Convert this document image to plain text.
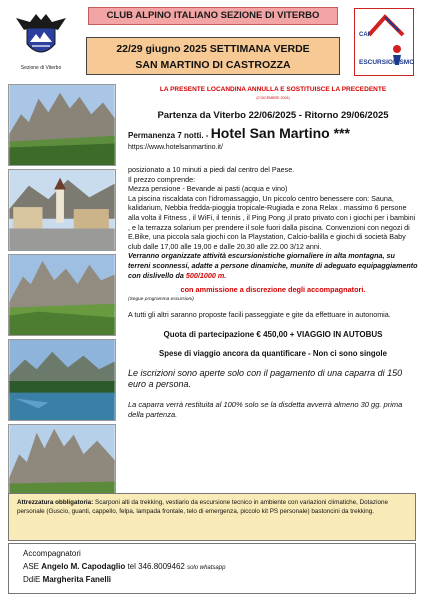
Sezione di Viterbo
CLUB ALPINO ITALIANO SEZIONE DI VITERBO
CAI
ESCURSIONISMO
22/29 giugno 2025 SETTIMANA VERDE
SAN MARTINO DI CASTROZZA
LA PRESENTE LOCANDINA ANNULLA E SOSTITUISCE LA PRECEDENTE
(2 DICEMBRE 2024)
Partenza da Viterbo 22/06/2025 - Ritorno 29/06/2025
Permanenza 7 notti. - Hotel San Martino ***
https://www.hotelsanmartino.it/
posizionato a 10 minuti a piedi dal centro del Paese.
Il prezzo comprende:
Mezza pensione - Bevande ai pasti (acqua e vino)
La piscina riscaldata con l'idromassaggio, Un piccolo centro benessere con: Sauna, kalidarium, Nebbia fredda-pioggia tropicale-Rugiada e zona Relax . massimo 6 persone alla volta il Fitness , il WiFi, il tennis , il Ping Pong ,il prato privato con i giochi per i bambini , e la terrazza solarium per prendere il sole fuori dalla piscina. Convenzioni con negozi di E.Bike, una piccola sala giochi con la Playstation, Calcio-balilla e giochi di società Baby club dalle 17,00 alle 19,00 e dalle 20.30 alle 22.00 3/12 anni.
Verranno organizzate attività escursionistiche giornaliere in alta montagna, su terreni sconnessi, adatte a persone dinamiche, munite di adeguato equipaggiamento con dislivello da 500/1000 m.
con ammissione a discrezione degli accompagnatori.
(Segue programma escursioni)
A tutti gli altri saranno proposte facili passeggiate e gite da effettuare in autonomia.
Quota di partecipazione € 450,00 + VIAGGIO IN AUTOBUS
Spese di viaggio ancora da quantificare - Non ci sono singole
Le iscrizioni sono aperte solo con il pagamento di una caparra di 150 euro a persona.
La caparra verrà restituita al 100% solo se la disdetta avverrà almeno 30 gg. prima della partenza.
Attrezzatura obbligatoria: Scarponi alti da trekking, vestiario da escursione tecnico in ambiente con variazioni climatiche, Dotazione personale (Guscio, guanti, cappello, felpa, lampada frontale, telo di emergenza, piccolo kit PS personale) bastoncini da trekking.
Accompagnatori
ASE Angelo M. Capodaglio tel 346.8009462 solo whatsapp
DdiE Margherita Fanelli
